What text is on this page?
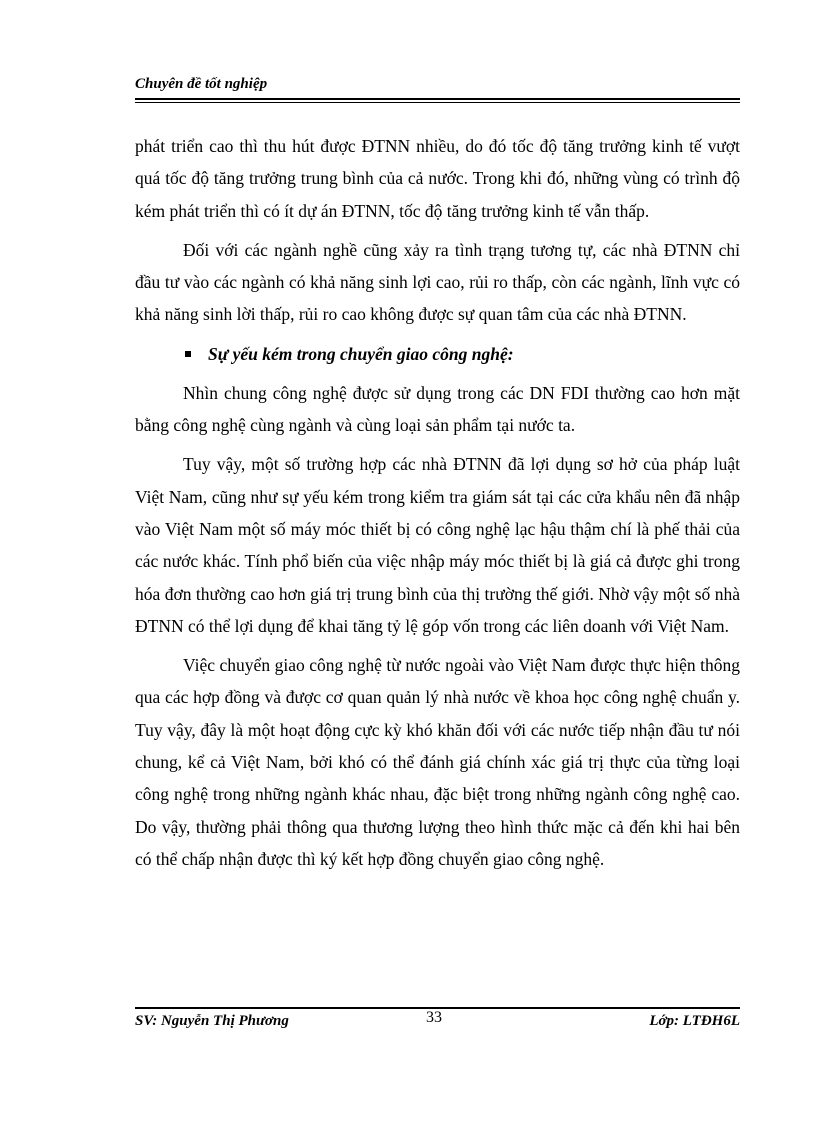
Chuyên đề tốt nghiệp

phát triển cao thì thu hút được ĐTNN nhiều, do đó tốc độ tăng trưởng kinh tế vượt quá tốc độ tăng trưởng trung bình của cả nước. Trong khi đó, những vùng có trình độ kém phát triển thì có ít dự án ĐTNN, tốc độ tăng trưởng kinh tế vẫn thấp.

Đối với các ngành nghề cũng xảy ra tình trạng tương tự, các nhà ĐTNN chỉ đầu tư vào các ngành có khả năng sinh lợi cao, rủi ro thấp, còn các ngành, lĩnh vực có khả năng sinh lời thấp, rủi ro cao không được sự quan tâm của các nhà ĐTNN.

Sự yếu kém trong chuyển giao công nghệ:

Nhìn chung công nghệ được sử dụng trong các DN FDI thường cao hơn mặt bằng công nghệ cùng ngành và cùng loại sản phẩm tại nước ta.

Tuy vậy, một số trường hợp các nhà ĐTNN đã lợi dụng sơ hở của pháp luật Việt Nam, cũng như sự yếu kém trong kiểm tra giám sát tại các cửa khẩu nên đã nhập vào Việt Nam một số máy móc thiết bị có công nghệ lạc hậu thậm chí là phế thải của các nước khác. Tính phổ biến của việc nhập máy móc thiết bị là giá cả được ghi trong hóa đơn thường cao hơn giá trị trung bình của thị trường thế giới. Nhờ vậy một số nhà ĐTNN có thể lợi dụng để khai tăng tỷ lệ góp vốn trong các liên doanh với Việt Nam.

Việc chuyển giao công nghệ từ nước ngoài vào Việt Nam được thực hiện thông qua các hợp đồng và được cơ quan quản lý nhà nước về khoa học công nghệ chuẩn y. Tuy vậy, đây là một hoạt động cực kỳ khó khăn đối với các nước tiếp nhận đầu tư nói chung, kể cả Việt Nam, bởi khó có thể đánh giá chính xác giá trị thực của từng loại công nghệ trong những ngành khác nhau, đặc biệt trong những ngành công nghệ cao. Do vậy, thường phải thông qua thương lượng theo hình thức mặc cả đến khi hai bên có thể chấp nhận được thì ký kết hợp đồng chuyển giao công nghệ.

SV: Nguyễn Thị Phương	33	Lớp: LTĐH6L
